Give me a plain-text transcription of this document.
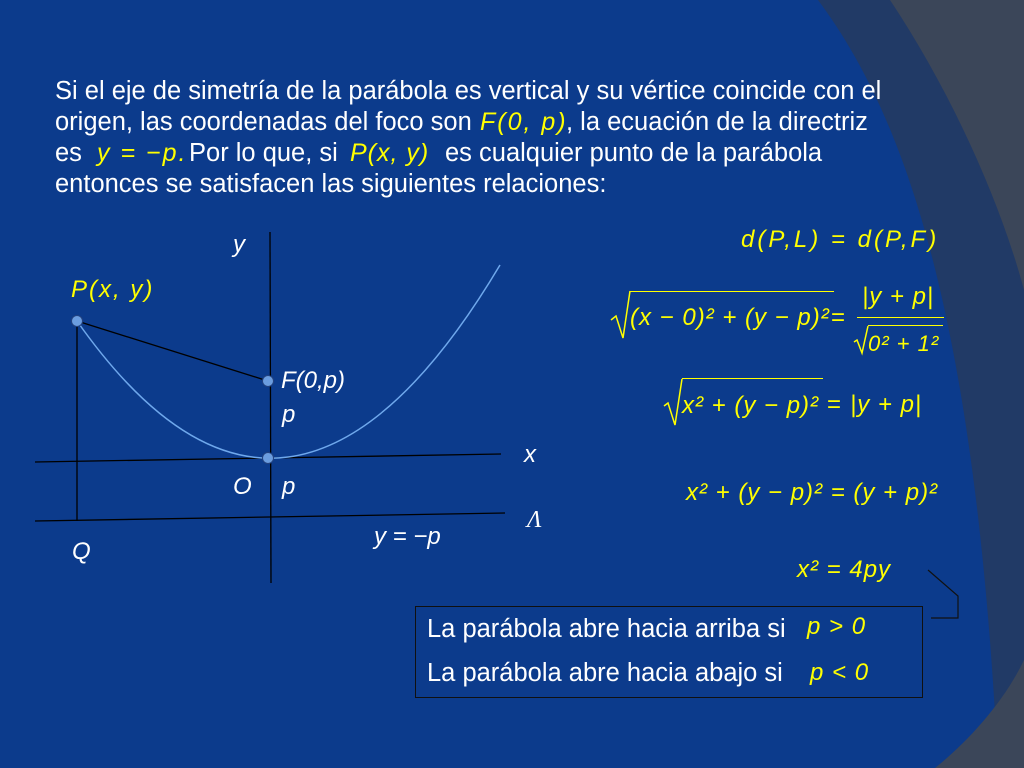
Si el eje de simetría de la parábola es vertical y su vértice coincide con el
origen, las coordenadas del foco son F(0, p)
, la ecuación de la directriz
es y = −p. Por lo que, si P(x, y) es cualquier punto de la parábola
entonces se satisfacen las siguientes relaciones:
y
P(x, y)
F(0,p)
p
x
O p
Λ
y = −p
Q
d(P,L) = d(P,F)
(x − 0)² + (y − p)² =
|y + p|
0² + 1²
x² + (y − p)² = |y + p|
x² + (y − p)² = (y + p)²
x² = 4py
La parábola abre hacia arriba si p > 0
La parábola abre hacia abajo si p < 0
